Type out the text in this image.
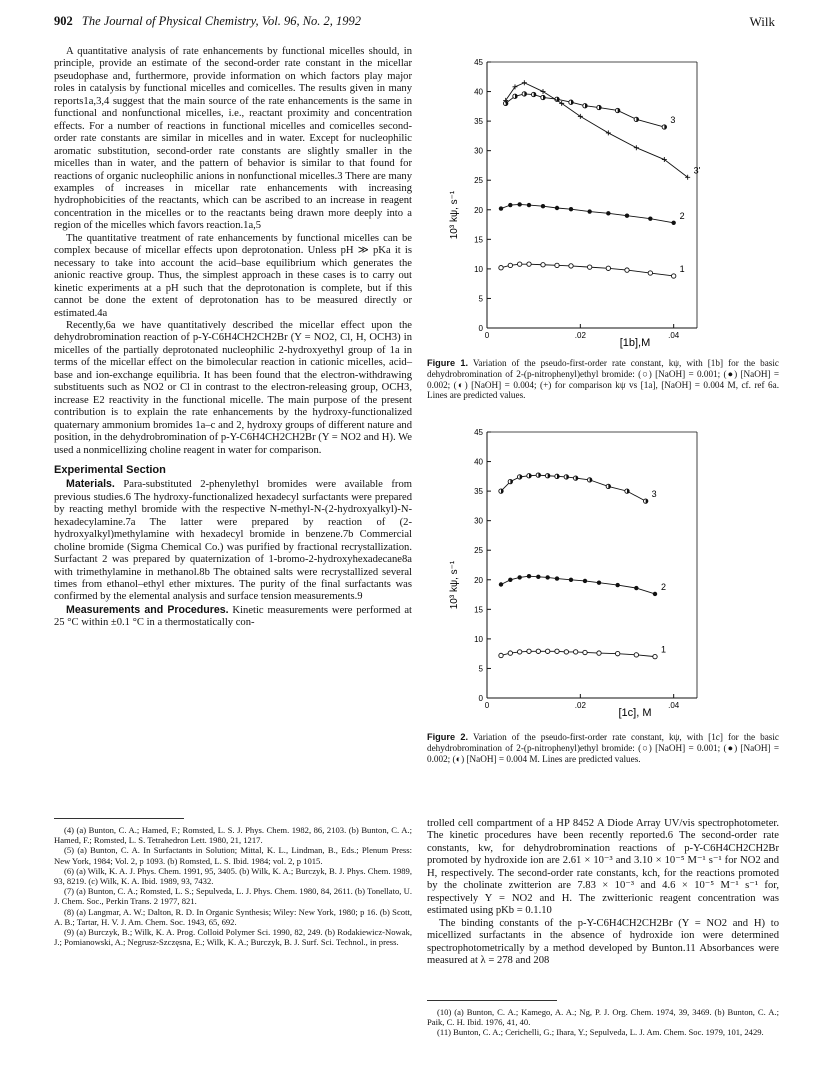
902 The Journal of Physical Chemistry, Vol. 96, No. 2, 1992	Wilk

A quantitative analysis of rate enhancements by functional micelles should, in principle, provide an estimate of the second-order rate constant in the micellar pseudophase and, furthermore, provide information on which factors play major roles in catalysis by functional micelles and comicelles. The results given in many reports1a,3,4 suggest that the main source of the rate enhancements is the same in functional and nonfunctional micelles, i.e., reactant proximity and concentration effects. For a number of reactions in functional micelles and comicelles second-order rate constants are similar in micelles and in water. Except for nucleophilic aromatic substitution, second-order rate constants are slightly smaller in the micelles than in water, and the pattern of behavior is similar to that found for reactions of organic nucleophilic anions in nonfunctional micelles.3 There are many examples of increases in micellar rate enhancements with increasing hydrophobicities of the reactants, which can be ascribed to an increase in reagent concentration in the micelles or to the reactants being drawn more deeply into a region of the micelles which favors reaction.1a,5

The quantitative treatment of rate enhancements by functional micelles can be complex because of micellar effects upon deprotonation. Unless pH ≫ pKa it is necessary to take into account the acid–base equilibrium which generates the anionic reactive group. Thus, the simplest approach in these cases is to carry out kinetic experiments at a pH such that the deprotonation is complete, but if this cannot be done the extent of deprotonation has to be measured directly or estimated.4a

Recently,6a we have quantitatively described the micellar effect upon the dehydrobromination reaction of p-Y-C6H4CH2CH2Br (Y = NO2, Cl, H, OCH3) in micelles of the partially deprotonated nucleophilic 2-hydroxyethyl group of 1a in terms of the micellar effect on the bimolecular reaction in cationic micelles, acid–base and ion-exchange equilibria. It has been found that the electron-withdrawing substituents such as NO2 or Cl in contrast to the electron-releasing group, OCH3, increase E2 reactivity in the functional micelle. The main purpose of the present contribution is to explain the rate enhancements by the hydroxy-functionalized quaternary ammonium bromides 1a–c and 2, hydroxy groups of different nature and position, in the dehydrobromination of p-Y-C6H4CH2CH2Br (Y = NO2 and H). We used a nonmicellizing choline reagent in water for comparison.

Experimental Section

Materials. Para-substituted 2-phenylethyl bromides were available from previous studies.6 The hydroxy-functionalized hexadecyl surfactants were prepared by reacting methyl bromide with the respective N-methyl-N-(2-hydroxyalkyl)-N-hexadecylamine.7a The latter were prepared by reaction of (2-hydroxyalkyl)methylamine with hexadecyl bromide in benzene.7b Commercial choline bromide (Sigma Chemical Co.) was purified by fractional recrystallization. Surfactant 2 was prepared by quaternization of 1-bromo-2-hydroxyhexadecane8a with trimethylamine in methanol.8b The obtained salts were recrystallized several times from ethanol–ethyl ether mixtures. The purity of the final surfactants was confirmed by the elemental analysis and surface tension measurements.9

Measurements and Procedures. Kinetic measurements were performed at 25 °C within ±0.1 °C in a thermostatically con-

(4) (a) Bunton, C. A.; Hamed, F.; Romsted, L. S. J. Phys. Chem. 1982, 86, 2103. (b) Bunton, C. A.; Hamed, F.; Romsted, L. S. Tetrahedron Lett. 1980, 21, 1217.

(5) (a) Bunton, C. A. In Surfactants in Solution; Mittal, K. L., Lindman, B., Eds.; Plenum Press: New York, 1984; Vol. 2, p 1093. (b) Romsted, L. S. Ibid. 1984; vol. 2, p 1015.

(6) (a) Wilk, K. A. J. Phys. Chem. 1991, 95, 3405. (b) Wilk, K. A.; Burczyk, B. J. Phys. Chem. 1989, 93, 8219. (c) Wilk, K. A. Ibid. 1989, 93, 7432.

(7) (a) Bunton, C. A.; Romsted, L. S.; Sepulveda, L. J. Phys. Chem. 1980, 84, 2611. (b) Tonellato, U. J. Chem. Soc., Perkin Trans. 2 1977, 821.

(8) (a) Langmar, A. W.; Dalton, R. D. In Organic Synthesis; Wiley: New York, 1980; p 16. (b) Scott, A. B.; Tartar, H. V. J. Am. Chem. Soc. 1943, 65, 692.

(9) (a) Burczyk, B.; Wilk, K. A. Prog. Colloid Polymer Sci. 1990, 82, 249. (b) Rodakiewicz-Nowak, J.; Pomianowski, A.; Negrusz-Szczęsna, E.; Wilk, K. A.; Burczyk, B. J. Surf. Sci. Technol., in press.

0
5
10
15
20
25
30
35
40
45
0	.02	.04
[1b],M
10³ kψ, s⁻¹
1
2
3
3'
Figure 1. Variation of the pseudo-first-order rate constant, kψ, with [1b] for the basic dehydrobromination of 2-(p-nitrophenyl)ethyl bromide: (○) [NaOH] = 0.001; (●) [NaOH] = 0.002; (◐) [NaOH] = 0.004; (+) for comparison kψ vs [1a], [NaOH] = 0.004 M, cf. ref 6a. Lines are predicted values.
0
5
10
15
20
25
30
35
40
45
0	.02	.04
[1c], M
10³ kψ, s⁻¹
1
2
3
Figure 2. Variation of the pseudo-first-order rate constant, kψ, with [1c] for the basic dehydrobromination of 2-(p-nitrophenyl)ethyl bromide: (○) [NaOH] = 0.001; (●) [NaOH] = 0.002; (◐) [NaOH] = 0.004 M. Lines are predicted values.

trolled cell compartment of a HP 8452 A Diode Array UV/vis spectrophotometer. The kinetic procedures have been recently reported.6 The second-order rate constants, kw, for dehydrobromination reactions of p-Y-C6H4CH2CH2Br promoted by hydroxide ion are 2.61 × 10⁻³ and 3.10 × 10⁻⁵ M⁻¹ s⁻¹ for NO2 and H, respectively. The second-order rate constants, kch, for the reactions promoted by the cholinate zwitterion are 7.83 × 10⁻³ and 4.6 × 10⁻⁵ M⁻¹ s⁻¹ for, respectively Y = NO2 and H. The zwitterionic reagent concentration was estimated using pKb = 0.1.10

The binding constants of the p-Y-C6H4CH2CH2Br (Y = NO2 and H) to micellized surfactants in the absence of hydroxide ion were determined spectrophotometrically by a method developed by Bunton.11 Absorbances were measured at λ = 278 and 208

(10) (a) Bunton, C. A.; Kamego, A. A.; Ng, P. J. Org. Chem. 1974, 39, 3469. (b) Bunton, C. A.; Paik, C. H. Ibid. 1976, 41, 40.

(11) Bunton, C. A.; Cerichelli, G.; Ihara, Y.; Sepulveda, L. J. Am. Chem. Soc. 1979, 101, 2429.
